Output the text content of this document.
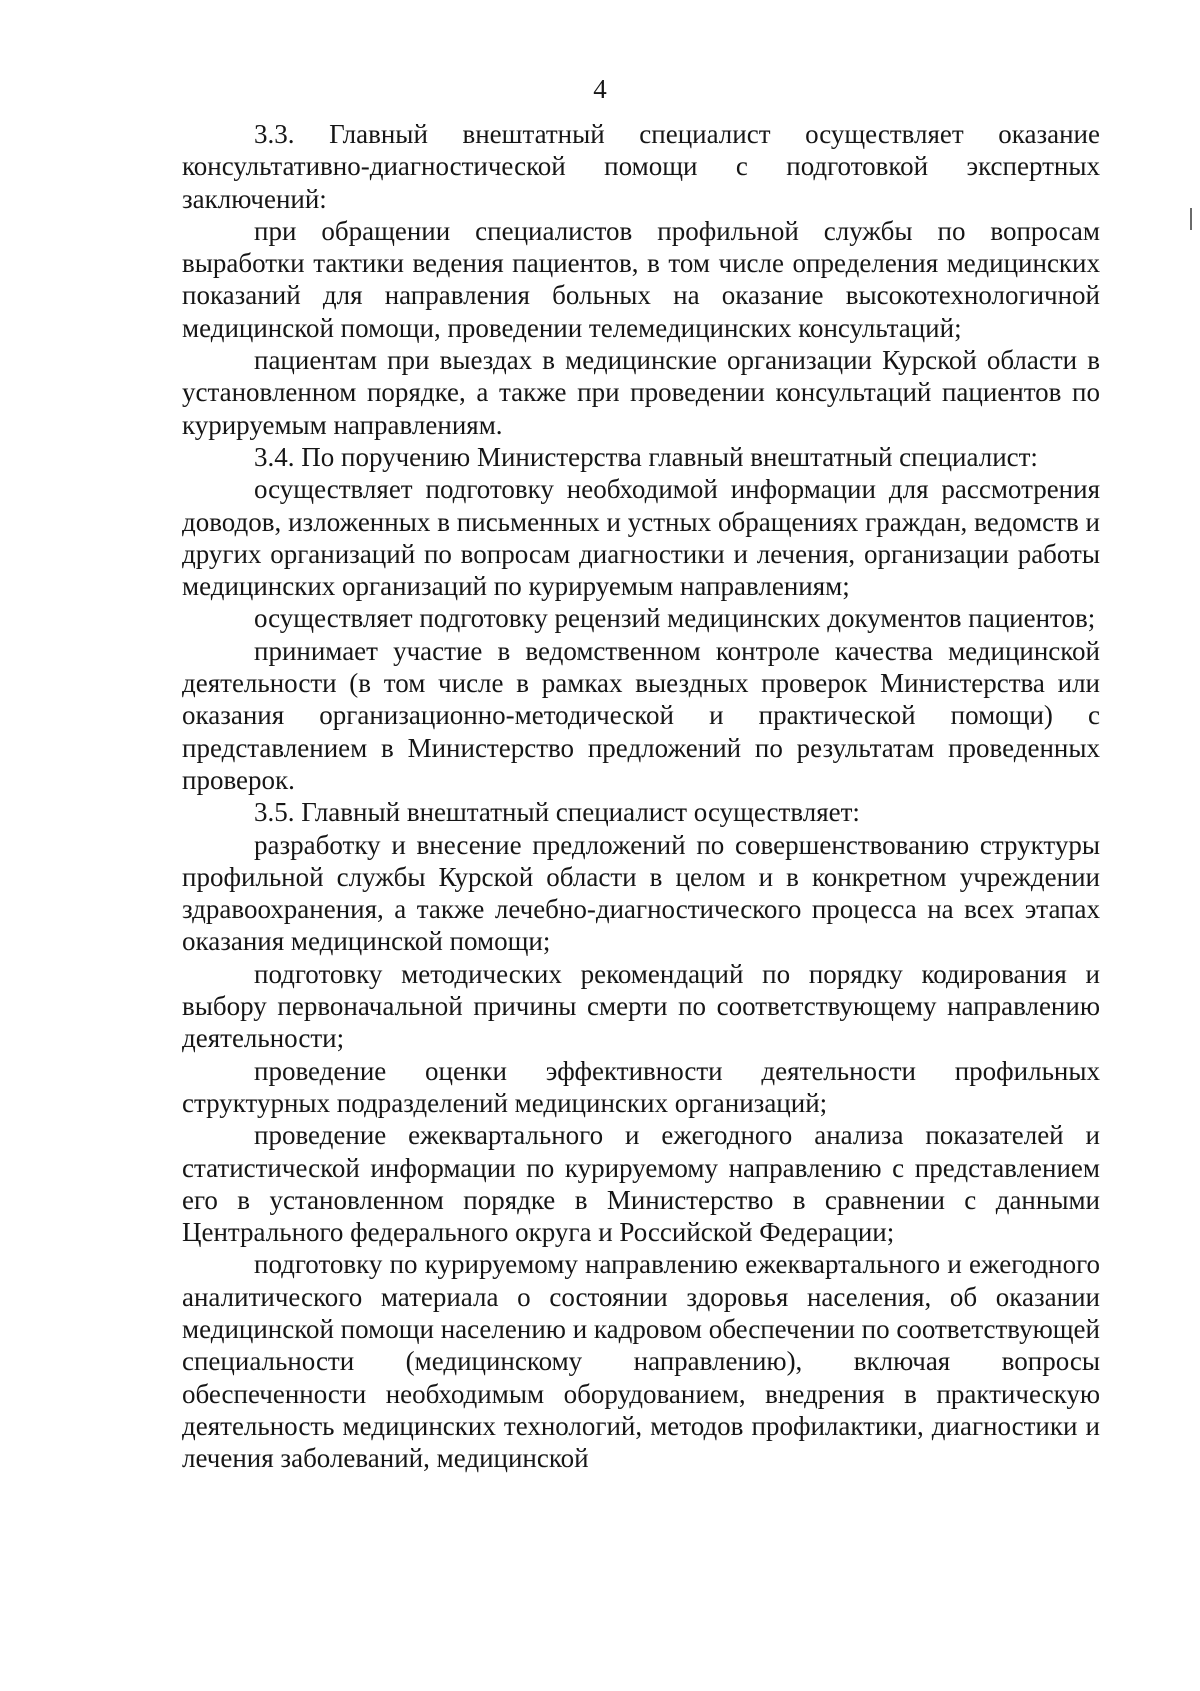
4

3.3. Главный внештатный специалист осуществляет оказание консультативно-диагностической помощи с подготовкой экспертных заключений:

при обращении специалистов профильной службы по вопросам выработки тактики ведения пациентов, в том числе определения медицинских показаний для направления больных на оказание высокотехнологичной медицинской помощи, проведении телемедицинских консультаций;

пациентам при выездах в медицинские организации Курской области в установленном порядке, а также при проведении консультаций пациентов по курируемым направлениям.

3.4. По поручению Министерства главный внештатный специалист:

осуществляет подготовку необходимой информации для рассмотрения доводов, изложенных в письменных и устных обращениях граждан, ведомств и других организаций по вопросам диагностики и лечения, организации работы медицинских организаций по курируемым направлениям;

осуществляет подготовку рецензий медицинских документов пациентов;

принимает участие в ведомственном контроле качества медицинской деятельности (в том числе в рамках выездных проверок Министерства или оказания организационно-методической и практической помощи) с представлением в Министерство предложений по результатам проведенных проверок.

3.5. Главный внештатный специалист осуществляет:

разработку и внесение предложений по совершенствованию структуры профильной службы Курской области в целом и в конкретном учреждении здравоохранения, а также лечебно-диагностического процесса на всех этапах оказания медицинской помощи;

подготовку методических рекомендаций по порядку кодирования и выбору первоначальной причины смерти по соответствующему направлению деятельности;

проведение оценки эффективности деятельности профильных структурных подразделений медицинских организаций;

проведение ежеквартального и ежегодного анализа показателей и статистической информации по курируемому направлению с представлением его в установленном порядке в Министерство в сравнении с данными Центрального федерального округа и Российской Федерации;

подготовку по курируемому направлению ежеквартального и ежегодного аналитического материала о состоянии здоровья населения, об оказании медицинской помощи населению и кадровом обеспечении по соответствующей специальности (медицинскому направлению), включая вопросы обеспеченности необходимым оборудованием, внедрения в практическую деятельность медицинских технологий, методов профилактики, диагностики и лечения заболеваний, медицинской
